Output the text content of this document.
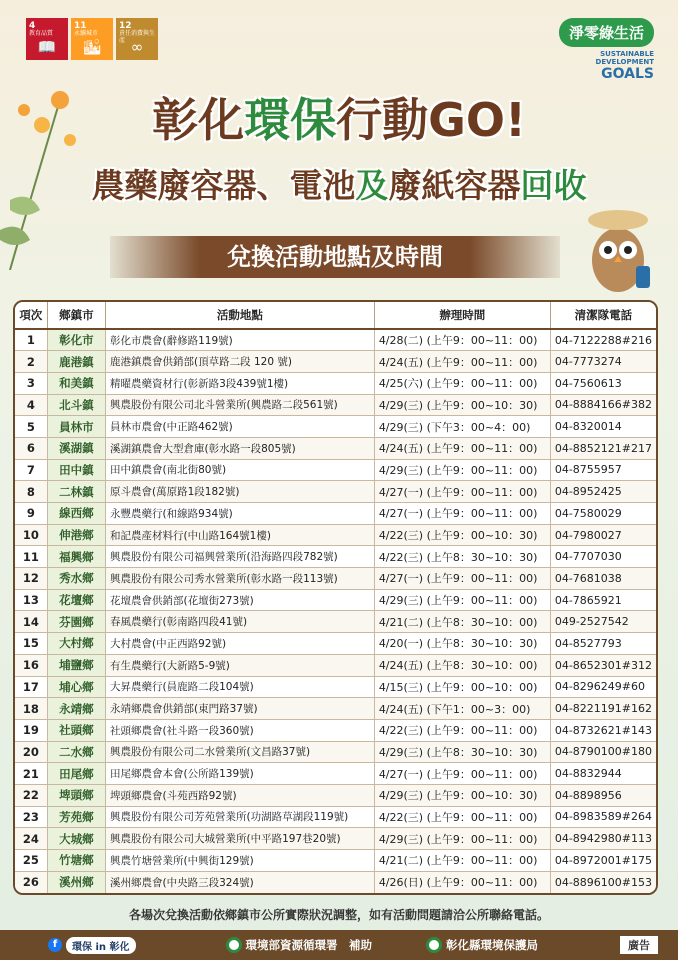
4
教育品質
📖
11
永續城市
🏙
12
責任消費與生產 ∞
淨零綠生活
SUSTAINABLE
DEVELOPMENT
GOALS
彰化環保行動GO!
農藥廢容器、電池及廢紙容器回收
兌換活動地點及時間
項次	鄉鎮市	活動地點	辦理時間	清潔隊電話
1	彰化市	彰化市農會(辭修路119號)	4/28(二) (上午9：00~11：00)	04-7122288#216
2	鹿港鎮	鹿港鎮農會供銷部(頂草路二段 120 號)	4/24(五) (上午9：00~11：00)	04-7773274
3	和美鎮	精曜農藥資材行(彰新路3段439號1樓)	4/25(六) (上午9：00~11：00)	04-7560613
4	北斗鎮	興農股份有限公司北斗營業所(興農路二段561號)	4/29(三) (上午9：00~10：30)	04-8884166#382
5	員林市	員林市農會(中正路462號)	4/29(三) (下午3：00~4：00)	04-8320014
6	溪湖鎮	溪湖鎮農會大型倉庫(彰水路一段805號)	4/24(五) (上午9：00~11：00)	04-8852121#217
7	田中鎮	田中鎮農會(南北街80號)	4/29(三) (上午9：00~11：00)	04-8755957
8	二林鎮	原斗農會(萬原路1段182號)	4/27(一) (上午9：00~11：00)	04-8952425
9	線西鄉	永豐農藥行(和線路934號)	4/27(一) (上午9：00~11：00)	04-7580029
10	伸港鄉	和記農產材料行(中山路164號1樓)	4/22(三) (上午9：00~10：30)	04-7980027
11	福興鄉	興農股份有限公司福興營業所(沿海路四段782號)	4/22(三) (上午8：30~10：30)	04-7707030
12	秀水鄉	興農股份有限公司秀水營業所(彰水路一段113號)	4/27(一) (上午9：00~11：00)	04-7681038
13	花壇鄉	花壇農會供銷部(花壇街273號)	4/29(三) (上午9：00~11：00)	04-7865921
14	芬園鄉	春風農藥行(彰南路四段41號)	4/21(二) (上午8：30~10：00)	049-2527542
15	大村鄉	大村農會(中正西路92號)	4/20(一) (上午8：30~10：30)	04-8527793
16	埔鹽鄉	有生農藥行(大新路5-9號)	4/24(五) (上午8：30~10：00)	04-8652301#312
17	埔心鄉	大昇農藥行(員鹿路二段104號)	4/15(三) (上午9：00~10：00)	04-8296249#60
18	永靖鄉	永靖鄉農會供銷部(東門路37號)	4/24(五) (下午1：00~3：00)	04-8221191#162
19	社頭鄉	社頭鄉農會(社斗路一段360號)	4/22(三) (上午9：00~11：00)	04-8732621#143
20	二水鄉	興農股份有限公司二水營業所(文昌路37號)	4/29(三) (上午8：30~10：30)	04-8790100#180
21	田尾鄉	田尾鄉農會本會(公所路139號)	4/27(一) (上午9：00~11：00)	04-8832944
22	埤頭鄉	埤頭鄉農會(斗苑西路92號)	4/29(三) (上午9：00~10：30)	04-8898956
23	芳苑鄉	興農股份有限公司芳苑營業所(功湖路草湖段119號)	4/22(三) (上午9：00~11：00)	04-8983589#264
24	大城鄉	興農股份有限公司大城營業所(中平路197巷20號)	4/29(三) (上午9：00~11：00)	04-8942980#113
25	竹塘鄉	興農竹塘營業所(中興街129號)	4/21(二) (上午9：00~11：00)	04-8972001#175
26	溪州鄉	溪州鄉農會(中央路三段324號)	4/26(日) (上午9：00~11：00)	04-8896100#153
各場次兌換活動依鄉鎮市公所實際狀況調整，如有活動問題請洽公所聯絡電話。
f	環保 in 彰化	環境部資源循環署　補助	彰化縣環境保護局	廣告
